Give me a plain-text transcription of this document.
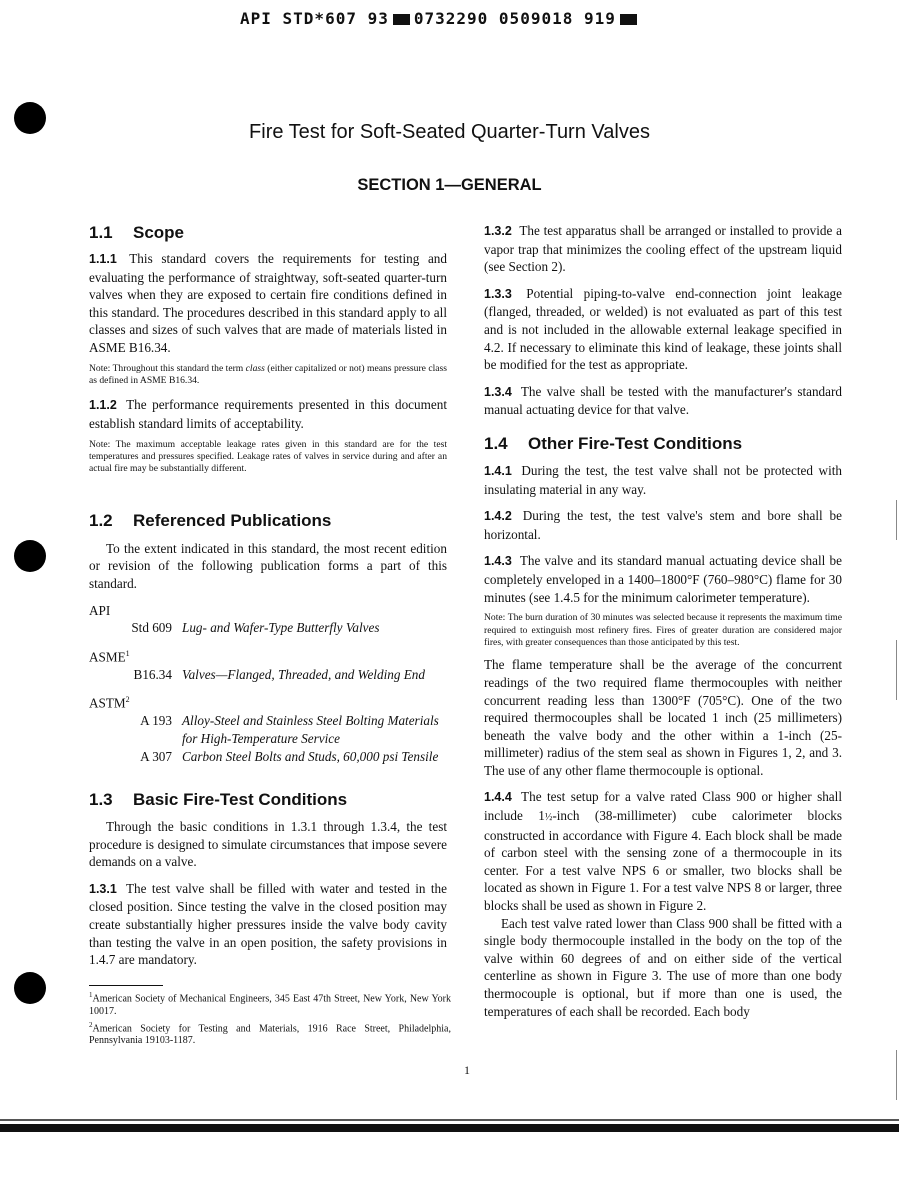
API STD*607 93 0732290 0509018 919
Fire Test for Soft-Seated Quarter-Turn Valves
SECTION 1—GENERAL
1.1 Scope

1.1.1 This standard covers the requirements for testing and evaluating the performance of straightway, soft-seated quarter-turn valves when they are exposed to certain fire conditions defined in this standard. The procedures described in this standard apply to all classes and sizes of such valves that are made of materials listed in ASME B16.34.

Note: Throughout this standard the term class (either capitalized or not) means pressure class as defined in ASME B16.34.

1.1.2 The performance requirements presented in this document establish standard limits of acceptability.

Note: The maximum acceptable leakage rates given in this standard are for the test temperatures and pressures specified. Leakage rates of valves in service during and after an actual fire may be substantially different.

1.2 Referenced Publications

To the extent indicated in this standard, the most recent edition or revision of the following publication forms a part of this standard.

API

Std 609 Lug- and Wafer-Type Butterfly Valves

ASME$^1$

B16.34 Valves—Flanged, Threaded, and Welding End

ASTM$^2$

A 193 Alloy-Steel and Stainless Steel Bolting Materials for High-Temperature Service
A 307 Carbon Steel Bolts and Studs, 60,000 psi Tensile
1.3 Basic Fire-Test Conditions

Through the basic conditions in 1.3.1 through 1.3.4, the test procedure is designed to simulate circumstances that impose severe demands on a valve.

1.3.1 The test valve shall be filled with water and tested in the closed position. Since testing the valve in the closed position may create substantially higher pressures inside the valve body cavity than testing the valve in an open position, the safety provisions in 1.4.7 are mandatory.

1.3.2 The test apparatus shall be arranged or installed to provide a vapor trap that minimizes the cooling effect of the upstream liquid (see Section 2).

1.3.3 Potential piping-to-valve end-connection joint leakage (flanged, threaded, or welded) is not evaluated as part of this test and is not included in the allowable external leakage specified in 4.2. If necessary to eliminate this kind of leakage, these joints shall be modified for the test as appropriate.

1.3.4 The valve shall be tested with the manufacturer's standard manual actuating device for that valve.

1.4 Other Fire-Test Conditions

1.4.1 During the test, the test valve shall not be protected with insulating material in any way.

1.4.2 During the test, the test valve's stem and bore shall be horizontal.

1.4.3 The valve and its standard manual actuating device shall be completely enveloped in a 1400–1800°F (760–980°C) flame for 30 minutes (see 1.4.5 for the minimum calorimeter temperature).

Note: The burn duration of 30 minutes was selected because it represents the maximum time required to extinguish most refinery fires. Fires of greater duration are considered major fires, with greater consequences than those anticipated by this test.

The flame temperature shall be the average of the concurrent readings of the two required flame thermocouples with neither concurrent reading less than 1300°F (705°C). One of the two required thermocouples shall be located 1 inch (25 millimeters) beneath the valve body and the other within a 1-inch (25-millimeter) radius of the stem seal as shown in Figures 1, 2, and 3. The use of any other flame thermocouple is optional.

1.4.4 The test setup for a valve rated Class 900 or higher shall include 1½-inch (38-millimeter) cube calorimeter blocks constructed in accordance with Figure 4. Each block shall be made of carbon steel with the sensing zone of a thermocouple in its center. For a test valve NPS 6 or smaller, two blocks shall be located as shown in Figure 1. For a test valve NPS 8 or larger, three blocks shall be used as shown in Figure 2.

Each test valve rated lower than Class 900 shall be fitted with a single body thermocouple installed in the body on the top of the valve within 60 degrees of and on either side of the vertical centerline as shown in Figure 3. The use of more than one body thermocouple is optional, but if more than one is used, the temperatures of each shall be recorded. Each body

$^1$American Society of Mechanical Engineers, 345 East 47th Street, New York, New York 10017.

$^2$American Society for Testing and Materials, 1916 Race Street, Philadelphia, Pennsylvania 19103-1187.

1
